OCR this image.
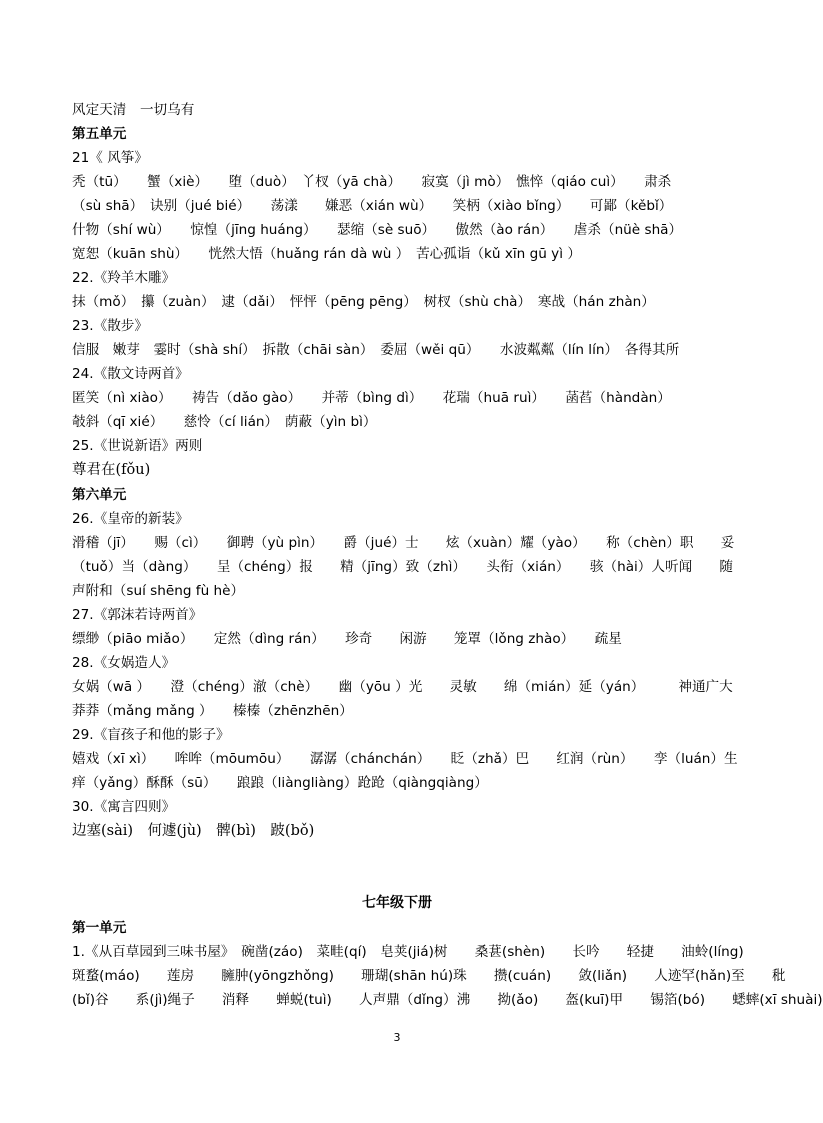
风定天清　一切乌有
第五单元
21《 风筝》
秃（tū）　　蟹（xiè）　　堕（duò）　丫杈（yā chà）　　寂寞（jì mò）　憔悴（qiáo cuì）　　肃杀
（sù shā）　诀别（jué bié）　　荡漾　　嫌恶（xián wù）　　笑柄（xiào bǐng）　　可鄙（kěbǐ）
什物（shí wù）　　惊惶（jīng huáng）　　瑟缩（sè suō）　　傲然（ào rán）　　虐杀（nüè shā）
宽恕（kuān shù）　　恍然大悟（huǎng rán dà wù ）　苦心孤诣（kǔ xīn gū yì ）
22.《羚羊木雕》
抹（mǒ）　攥（zuàn）　逮（dǎi）　怦怦（pēng pēng）　树杈（shù chà）　寒战（hán zhàn）
23.《散步》
信服　嫩芽　霎时（shà shí）　拆散（chāi sàn）　委屈（wěi qū）　　水波粼粼（lín lín）　各得其所
24.《散文诗两首》
匿笑（nì xiào）　　祷告（dǎo gào）　　并蒂（bìng dì）　　花瑞（huā ruì）　　菡萏（hàndàn）
攲斜（qī xié）　　慈怜（cí lián）　荫蔽（yìn bì）
25.《世说新语》两则
尊君在(fǒu)
第六单元
26.《皇帝的新装》
滑稽（jī）　　赐（cì）　　御聘（yù pìn）　　爵（jué）士　　炫（xuàn）耀（yào）　　称（chèn）职　　妥
（tuǒ）当（dàng）　　呈（chéng）报　　精（jīng）致（zhì）　　头衔（xián）　　骇（hài）人听闻　　随
声附和（suí shēng fù hè）
27.《郭沫若诗两首》
缥缈（piāo miǎo）　　定然（dìng rán）　　珍奇　　闲游　　笼罩（lǒng zhào）　　疏星
28.《女娲造人》
女娲（wā ）　　澄（chéng）澈（chè）　　幽（yōu ）光　　灵敏　　绵（mián）延（yán）　　　神通广大
莽莽（mǎng mǎng ）　　榛榛（zhēnzhēn）
29.《盲孩子和他的影子》
嬉戏（xī xì）　　哞哞（mōumōu）　　潺潺（chánchán）　　眨（zhǎ）巴　　红润（rùn）　　孪（luán）生
痒（yǎng）酥酥（sū）　　踉踉（liàngliàng）跄跄（qiàngqiàng）
30.《寓言四则》
边塞(sài)　何遽(jù)　髀(bì)　跛(bǒ)
七年级下册
第一单元
1.《从百草园到三味书屋》　碗凿(záo)　菜畦(qí)　皂荚(jiá)树　　桑葚(shèn)　　长吟　　轻捷　　油蛉(líng)
斑蝥(máo)　　莲房　　臃肿(yōngzhǒng)　　珊瑚(shān hú)珠　　攒(cuán)　　敛(liǎn)　　人迹罕(hǎn)至　　秕
(bǐ)谷　　系(jì)绳子　　消释　　蝉蜕(tuì)　　人声鼎（dǐng）沸　　拗(ǎo)　　盔(kuī)甲　　锡箔(bó)　　蟋蟀(xī shuài)
3
